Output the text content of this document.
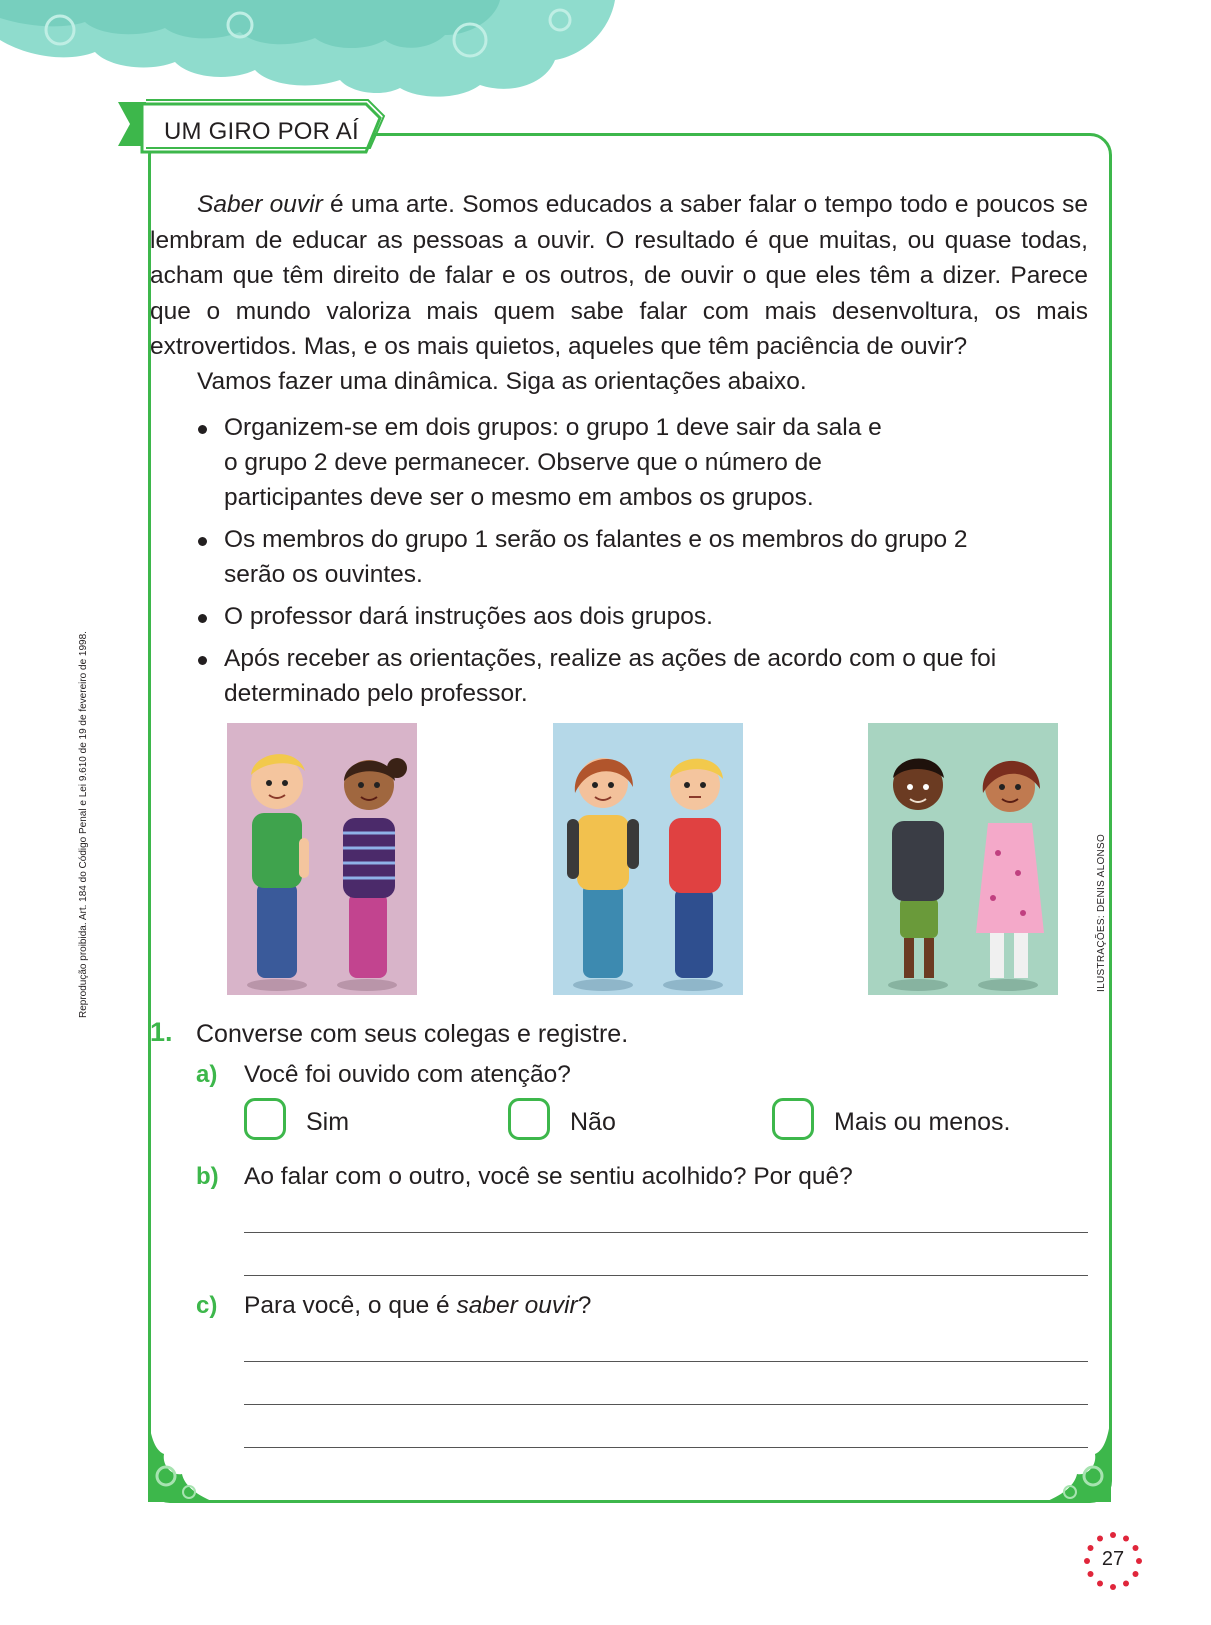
UM GIRO POR AÍ

Saber ouvir é uma arte. Somos educados a saber falar o tempo todo e poucos se lembram de educar as pessoas a ouvir. O resultado é que muitas, ou quase todas, acham que têm direito de falar e os outros, de ouvir o que eles têm a dizer. Parece que o mundo valoriza mais quem sabe falar com mais desenvoltura, os mais extrovertidos. Mas, e os mais quietos, aqueles que têm paciência de ouvir?

Vamos fazer uma dinâmica. Siga as orientações abaixo.

Organizem-se em dois grupos: o grupo 1 deve sair da sala e o grupo 2 deve permanecer. Observe que o número de participantes deve ser o mesmo em ambos os grupos.
Os membros do grupo 1 serão os falantes e os membros do grupo 2 serão os ouvintes.
O professor dará instruções aos dois grupos.
Após receber as orientações, realize as ações de acordo com o que foi determinado pelo professor.
Reprodução proibida. Art. 184 do Código Penal e Lei 9.610 de 19 de fevereiro de 1998.	ILUSTRAÇÕES: DENIS ALONSO
1. Converse com seus colegas e registre.
a) Você foi ouvido com atenção?
Sim	Não	Mais ou menos.
b) Ao falar com o outro, você se sentiu acolhido? Por quê?
c) Para você, o que é saber ouvir?
27
